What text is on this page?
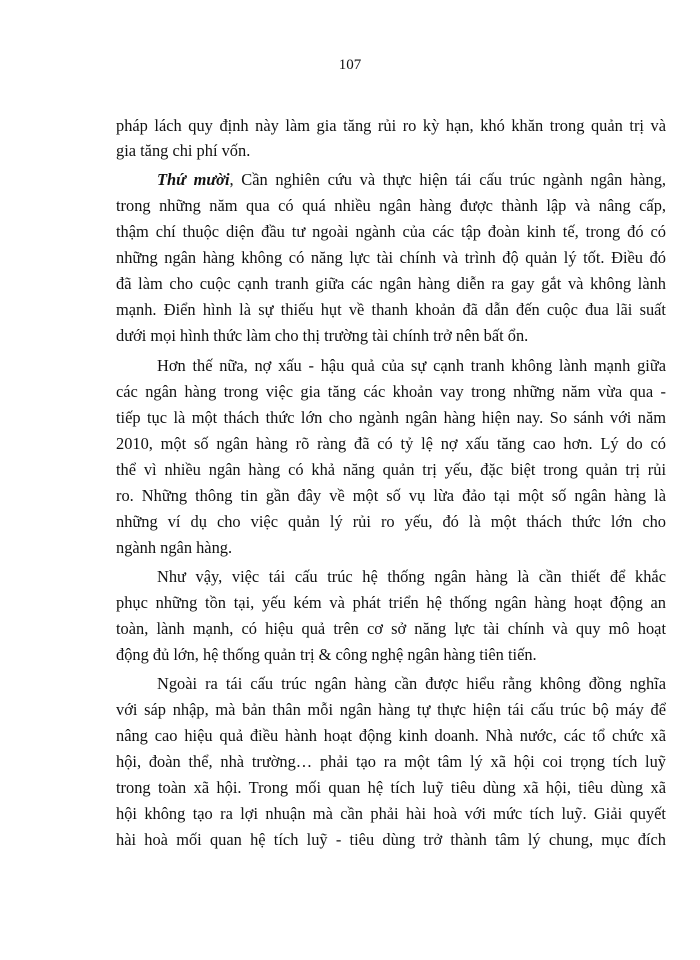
107
pháp lách quy định này làm gia tăng rủi ro kỳ hạn, khó khăn trong quản trị và
gia tăng chi phí vốn.
Thứ mười, Cần nghiên cứu và thực hiện tái cấu trúc ngành ngân hàng,
trong những năm qua có quá nhiều ngân hàng được thành lập và nâng cấp,
thậm chí thuộc diện đầu tư ngoài ngành của các tập đoàn kinh tế, trong đó có
những ngân hàng không có năng lực tài chính và trình độ quản lý tốt. Điều đó
đã làm cho cuộc cạnh tranh giữa các ngân hàng diễn ra gay gắt và không lành
mạnh. Điển hình là sự thiếu hụt về thanh khoản đã dẫn đến cuộc đua lãi suất
dưới mọi hình thức làm cho thị trường tài chính trở nên bất ổn.
Hơn thế nữa, nợ xấu - hậu quả của sự cạnh tranh không lành mạnh giữa
các ngân hàng trong việc gia tăng các khoản vay trong những năm vừa qua -
tiếp tục là một thách thức lớn cho ngành ngân hàng hiện nay. So sánh với năm
2010, một số ngân hàng rõ ràng đã có tỷ lệ nợ xấu tăng cao hơn. Lý do có
thể vì nhiều ngân hàng có khả năng quản trị yếu, đặc biệt trong quản trị rủi
ro. Những thông tin gần đây về một số vụ lừa đảo tại một số ngân hàng là
những ví dụ cho việc quản lý rủi ro yếu, đó là một thách thức lớn cho
ngành ngân hàng.
Như vậy, việc tái cấu trúc hệ thống ngân hàng là cần thiết để khắc
phục những tồn tại, yếu kém và phát triển hệ thống ngân hàng hoạt động an
toàn, lành mạnh, có hiệu quả trên cơ sở năng lực tài chính và quy mô hoạt
động đủ lớn, hệ thống quản trị & công nghệ ngân hàng tiên tiến.
Ngoài ra tái cấu trúc ngân hàng cần được hiểu rằng không đồng nghĩa
với sáp nhập, mà bản thân mỗi ngân hàng tự thực hiện tái cấu trúc bộ máy để
nâng cao hiệu quả điều hành hoạt động kinh doanh. Nhà nước, các tổ chức xã
hội, đoàn thể, nhà trường… phải tạo ra một tâm lý xã hội coi trọng tích luỹ
trong toàn xã hội. Trong mối quan hệ tích luỹ tiêu dùng xã hội, tiêu dùng xã
hội không tạo ra lợi nhuận mà cần phải hài hoà với mức tích luỹ. Giải quyết
hài hoà mối quan hệ tích luỹ - tiêu dùng trở thành tâm lý chung, mục đích
